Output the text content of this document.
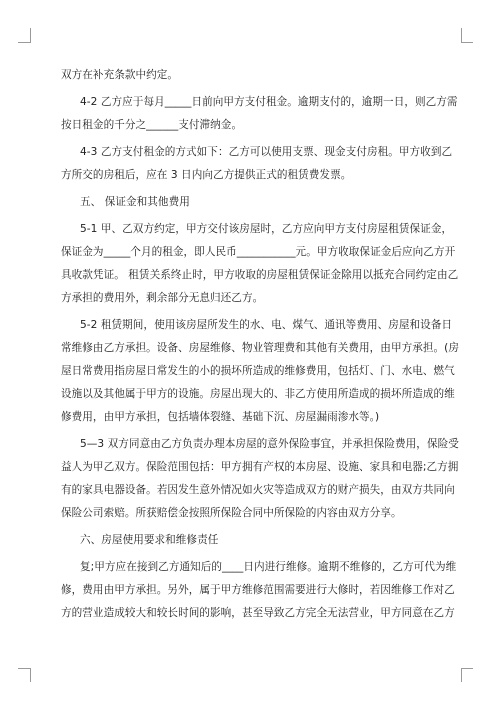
双方在补充条款中约定。
4-2 乙方应于每月_____日前向甲方支付租金。逾期支付的，逾期一日，则乙方需
按日租金的千分之______支付滞纳金。
4-3 乙方支付租金的方式如下：乙方可以使用支票、现金支付房租。甲方收到乙
方所交的房租后，应在 3 日内向乙方提供正式的租赁费发票。
五、 保证金和其他费用
5-1 甲、乙双方约定，甲方交付该房屋时，乙方应向甲方支付房屋租赁保证金，
保证金为_____个月的租金，即人民币___________元。甲方收取保证金后应向乙方开
具收款凭证。 租赁关系终止时，甲方收取的房屋租赁保证金除用以抵充合同约定由乙
方承担的费用外，剩余部分无息归还乙方。
5-2 租赁期间，使用该房屋所发生的水、电、煤气、通讯等费用、房屋和设备日
常维修由乙方承担。设备、房屋维修、物业管理费和其他有关费用，由甲方承担。(房
屋日常费用指房屋日常发生的小的损坏所造成的维修费用，包括灯、门、水电、燃气
设施以及其他属于甲方的设施。房屋出现大的、非乙方使用所造成的损坏所造成的维
修费用，由甲方承担，包括墙体裂缝、基础下沉、房屋漏雨渗水等。)
5—3 双方同意由乙方负责办理本房屋的意外保险事宜，并承担保险费用，保险受
益人为甲乙双方。保险范围包括：甲方拥有产权的本房屋、设施、家具和电器;乙方拥
有的家具电器设备。若因发生意外情况如火灾等造成双方的财产损失，由双方共同向
保险公司索赔。所获赔偿金按照所保险合同中所保险的内容由双方分享。
六、房屋使用要求和维修责任
复;甲方应在接到乙方通知后的____日内进行维修。逾期不维修的，乙方可代为维
修，费用由甲方承担。另外，属于甲方维修范围需要进行大修时，若因维修工作对乙
方的营业造成较大和较长时间的影响，甚至导致乙方完全无法营业，甲方同意在乙方
